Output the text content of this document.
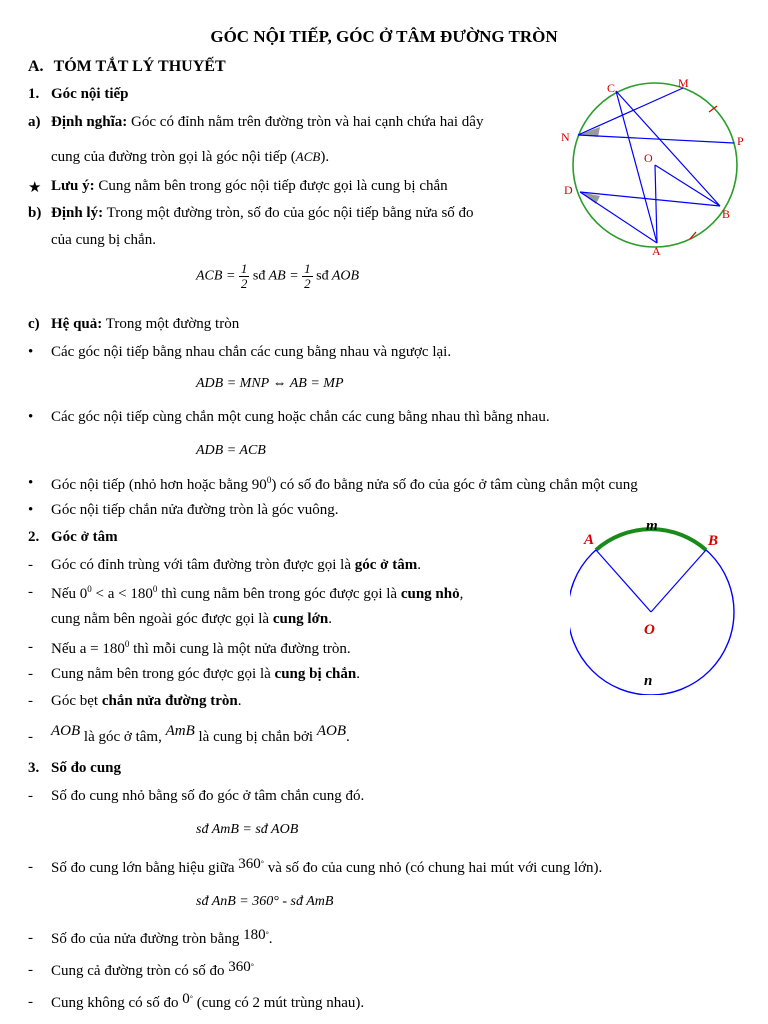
GÓC NỘI TIẾP, GÓC Ở TÂM ĐƯỜNG TRÒN
A. TÓM TẮT LÝ THUYẾT
1. Góc nội tiếp
a) Định nghĩa: Góc có đỉnh nằm trên đường tròn và hai cạnh chứa hai dây
cung của đường tròn gọi là góc nội tiếp (ACB).
★ Lưu ý: Cung nằm bên trong góc nội tiếp được gọi là cung bị chắn
b) Định lý: Trong một đường tròn, số đo của góc nội tiếp bằng nửa số đo
của cung bị chắn.
ACB = $\frac{1}{2}$ sđ AB = $\frac{1}{2}$ sđ AOB
c) Hệ quả: Trong một đường tròn
• Các góc nội tiếp bằng nhau chắn các cung bằng nhau và ngược lại.
ADB = MNP ⇔ AB = MP
• Các góc nội tiếp cùng chắn một cung hoặc chắn các cung bằng nhau thì bằng nhau.
ADB = ACB
• Góc nội tiếp (nhỏ hơn hoặc bằng $90^0$) có số đo bằng nửa số đo của góc ở tâm cùng chắn một cung
• Góc nội tiếp chắn nửa đường tròn là góc vuông.
2. Góc ở tâm
- Góc có đỉnh trùng với tâm đường tròn được gọi là góc ở tâm.
- Nếu $0^0 < a < 180^0$ thì cung nằm bên trong góc được gọi là cung nhỏ,
cung nằm bên ngoài góc được gọi là cung lớn.
- Nếu $a = 180^0$ thì mỗi cung là một nửa đường tròn.
- Cung nằm bên trong góc được gọi là cung bị chắn.
- Góc bẹt chắn nửa đường tròn.
- AOB là góc ở tâm, AmB là cung bị chắn bởi AOB.
3. Số đo cung
- Số đo cung nhỏ bằng số đo góc ở tâm chắn cung đó.
sđ AmB = sđ AOB
- Số đo cung lớn bằng hiệu giữa 360° và số đo của cung nhỏ (có chung hai mút với cung lớn).
sđ AnB = 360° - sđ AmB
- Số đo của nửa đường tròn bằng 180°.
- Cung cả đường tròn có số đo 360°
- Cung không có số đo 0° (cung có 2 mút trùng nhau).
C	M
N	P
O
D
B
A
A	B
m
O
n
